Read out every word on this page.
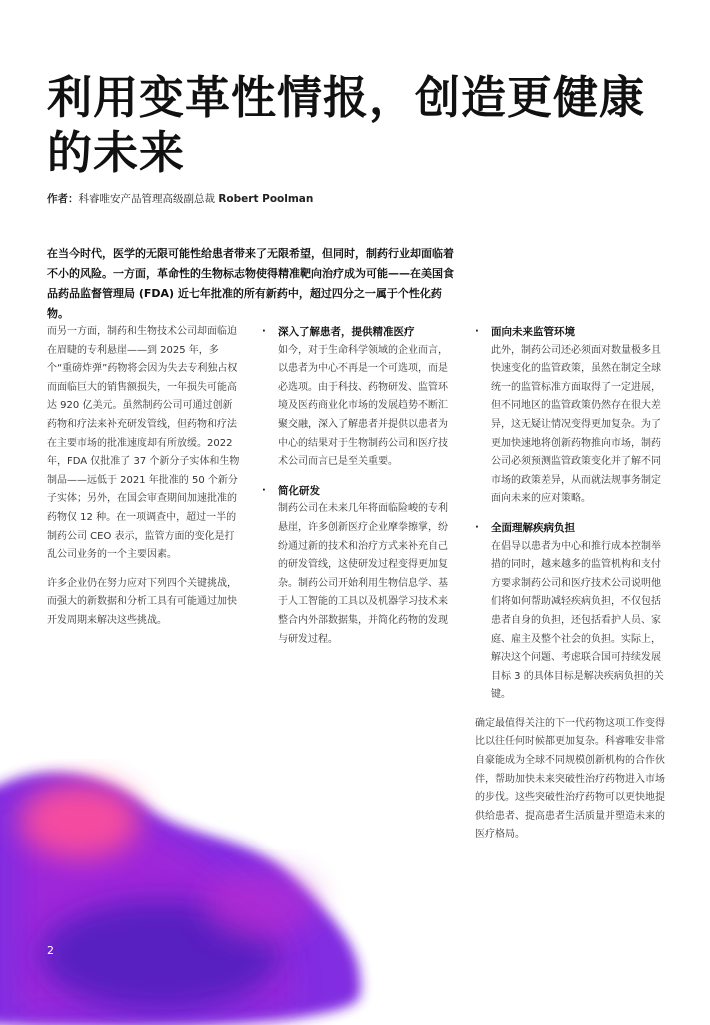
利用变革性情报，创造更健康的未来
作者：科睿唯安产品管理高级副总裁 Robert Poolman

在当今时代，医学的无限可能性给患者带来了无限希望，但同时，制药行业却面临着不小的风险。一方面，革命性的生物标志物使得精准靶向治疗成为可能——在美国食品药品监督管理局 (FDA) 近七年批准的所有新药中，超过四分之一属于个性化药物。

而另一方面，制药和生物技术公司却面临迫在眉睫的专利悬崖——到 2025 年，多个“重磅炸弹”药物将会因为失去专利独占权而面临巨大的销售额损失，一年损失可能高达 920 亿美元。虽然制药公司可通过创新药物和疗法来补充研发管线，但药物和疗法在主要市场的批准速度却有所放缓。2022 年，FDA 仅批准了 37 个新分子实体和生物制品——远低于 2021 年批准的 50 个新分子实体；另外，在国会审查期间加速批准的药物仅 12 种。在一项调查中，超过一半的制药公司 CEO 表示，监管方面的变化是打乱公司业务的一个主要因素。

许多企业仍在努力应对下列四个关键挑战，而强大的新数据和分析工具有可能通过加快开发周期来解决这些挑战。

· 深入了解患者，提供精准医疗

如今，对于生命科学领域的企业而言，以患者为中心不再是一个可选项，而是必选项。由于科技、药物研发、监管环境及医药商业化市场的发展趋势不断汇聚交融，深入了解患者并提供以患者为中心的结果对于生物制药公司和医疗技术公司而言已是至关重要。

· 简化研发

制药公司在未来几年将面临险峻的专利悬崖，许多创新医疗企业摩拳擦掌，纷纷通过新的技术和治疗方式来补充自己的研发管线，这使研发过程变得更加复杂。制药公司开始利用生物信息学、基于人工智能的工具以及机器学习技术来整合内外部数据集，并简化药物的发现与研发过程。

· 面向未来监管环境

此外，制药公司还必须面对数量极多且快速变化的监管政策，虽然在制定全球统一的监管标准方面取得了一定进展，但不同地区的监管政策仍然存在很大差异，这无疑让情况变得更加复杂。为了更加快速地将创新药物推向市场，制药公司必须预测监管政策变化并了解不同市场的政策差异，从而就法规事务制定面向未来的应对策略。

· 全面理解疾病负担

在倡导以患者为中心和推行成本控制举措的同时，越来越多的监管机构和支付方要求制药公司和医疗技术公司说明他们将如何帮助减轻疾病负担，不仅包括患者自身的负担，还包括看护人员、家庭、雇主及整个社会的负担。实际上，解决这个问题、考虑联合国可持续发展目标 3 的具体目标是解决疾病负担的关键。

确定最值得关注的下一代药物这项工作变得比以往任何时候都更加复杂。科睿唯安非常自豪能成为全球不同规模创新机构的合作伙伴，帮助加快未来突破性治疗药物进入市场的步伐。这些突破性治疗药物可以更快地提供给患者、提高患者生活质量并塑造未来的医疗格局。

2
